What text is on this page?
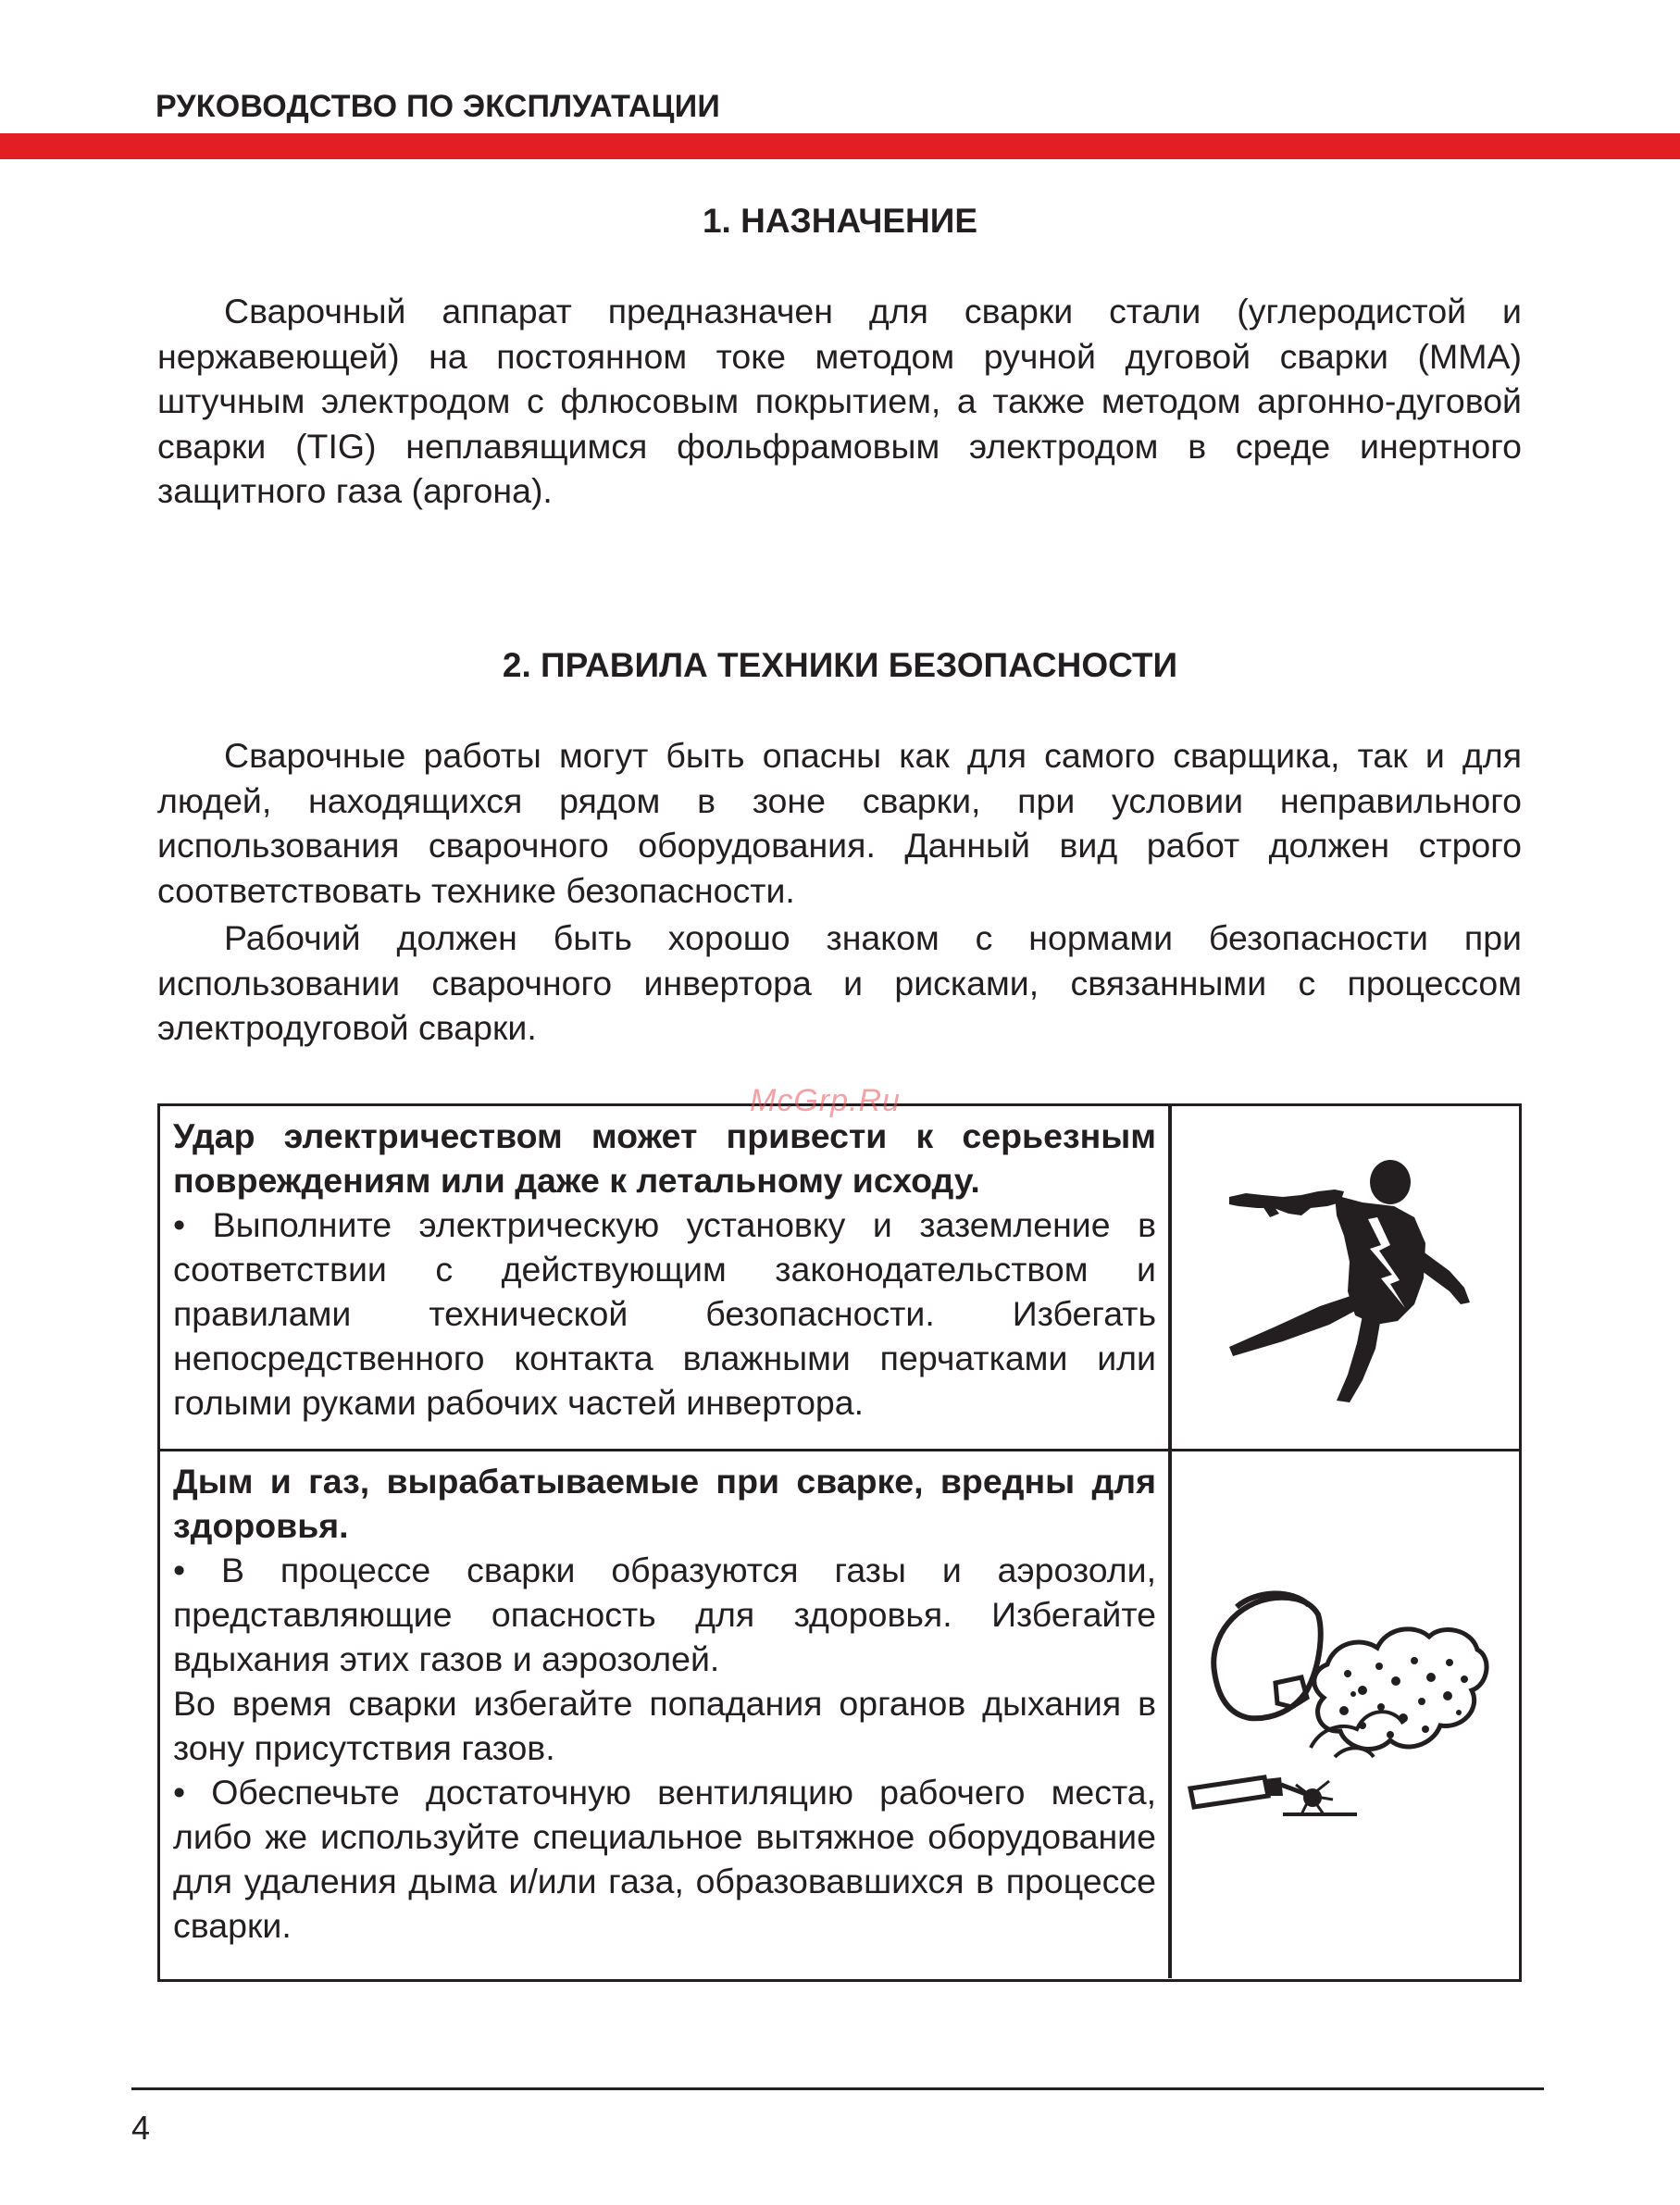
РУКОВОДСТВО ПО ЭКСПЛУАТАЦИИ
1. НАЗНАЧЕНИЕ

Сварочный аппарат предназначен для сварки стали (углеродистой и нержавеющей) на постоянном токе методом ручной дуговой сварки (ММА) штучным электродом с флюсовым покрытием, а также методом аргонно-дуговой сварки (TIG) неплавящимся фольфрамовым электродом в среде инертного защитного газа (аргона).

2. ПРАВИЛА ТЕХНИКИ БЕЗОПАСНОСТИ

Сварочные работы могут быть опасны как для самого сварщика, так и для людей, находящихся рядом в зоне сварки, при условии неправильного использования сварочного оборудования. Данный вид работ должен строго соответствовать технике безопасности.

Рабочий должен быть хорошо знаком с нормами безопасности при использовании сварочного инвертора и рисками, связанными с процессом электродуговой сварки.

Удар электричеством может привести к серьезным повреждениям или даже к летальному исходу.

• Выполните электрическую установку и заземление в соответствии с действующим законодательством и правилами технической безопасности. Избегать непосредственного контакта влажными перчатками или голыми руками рабочих частей инвертора.

Дым и газ, вырабатываемые при сварке, вредны для здоровья.

• В процессе сварки образуются газы и аэрозоли, представляющие опасность для здоровья. Избегайте вдыхания этих газов и аэрозолей.

Во время сварки избегайте попадания органов дыхания в зону присутствия газов.

• Обеспечьте достаточную вентиляцию рабочего места, либо же используйте специальное вытяжное оборудование для удаления дыма и/или газа, образовавшихся в процессе сварки.

McGrp.Ru
4
